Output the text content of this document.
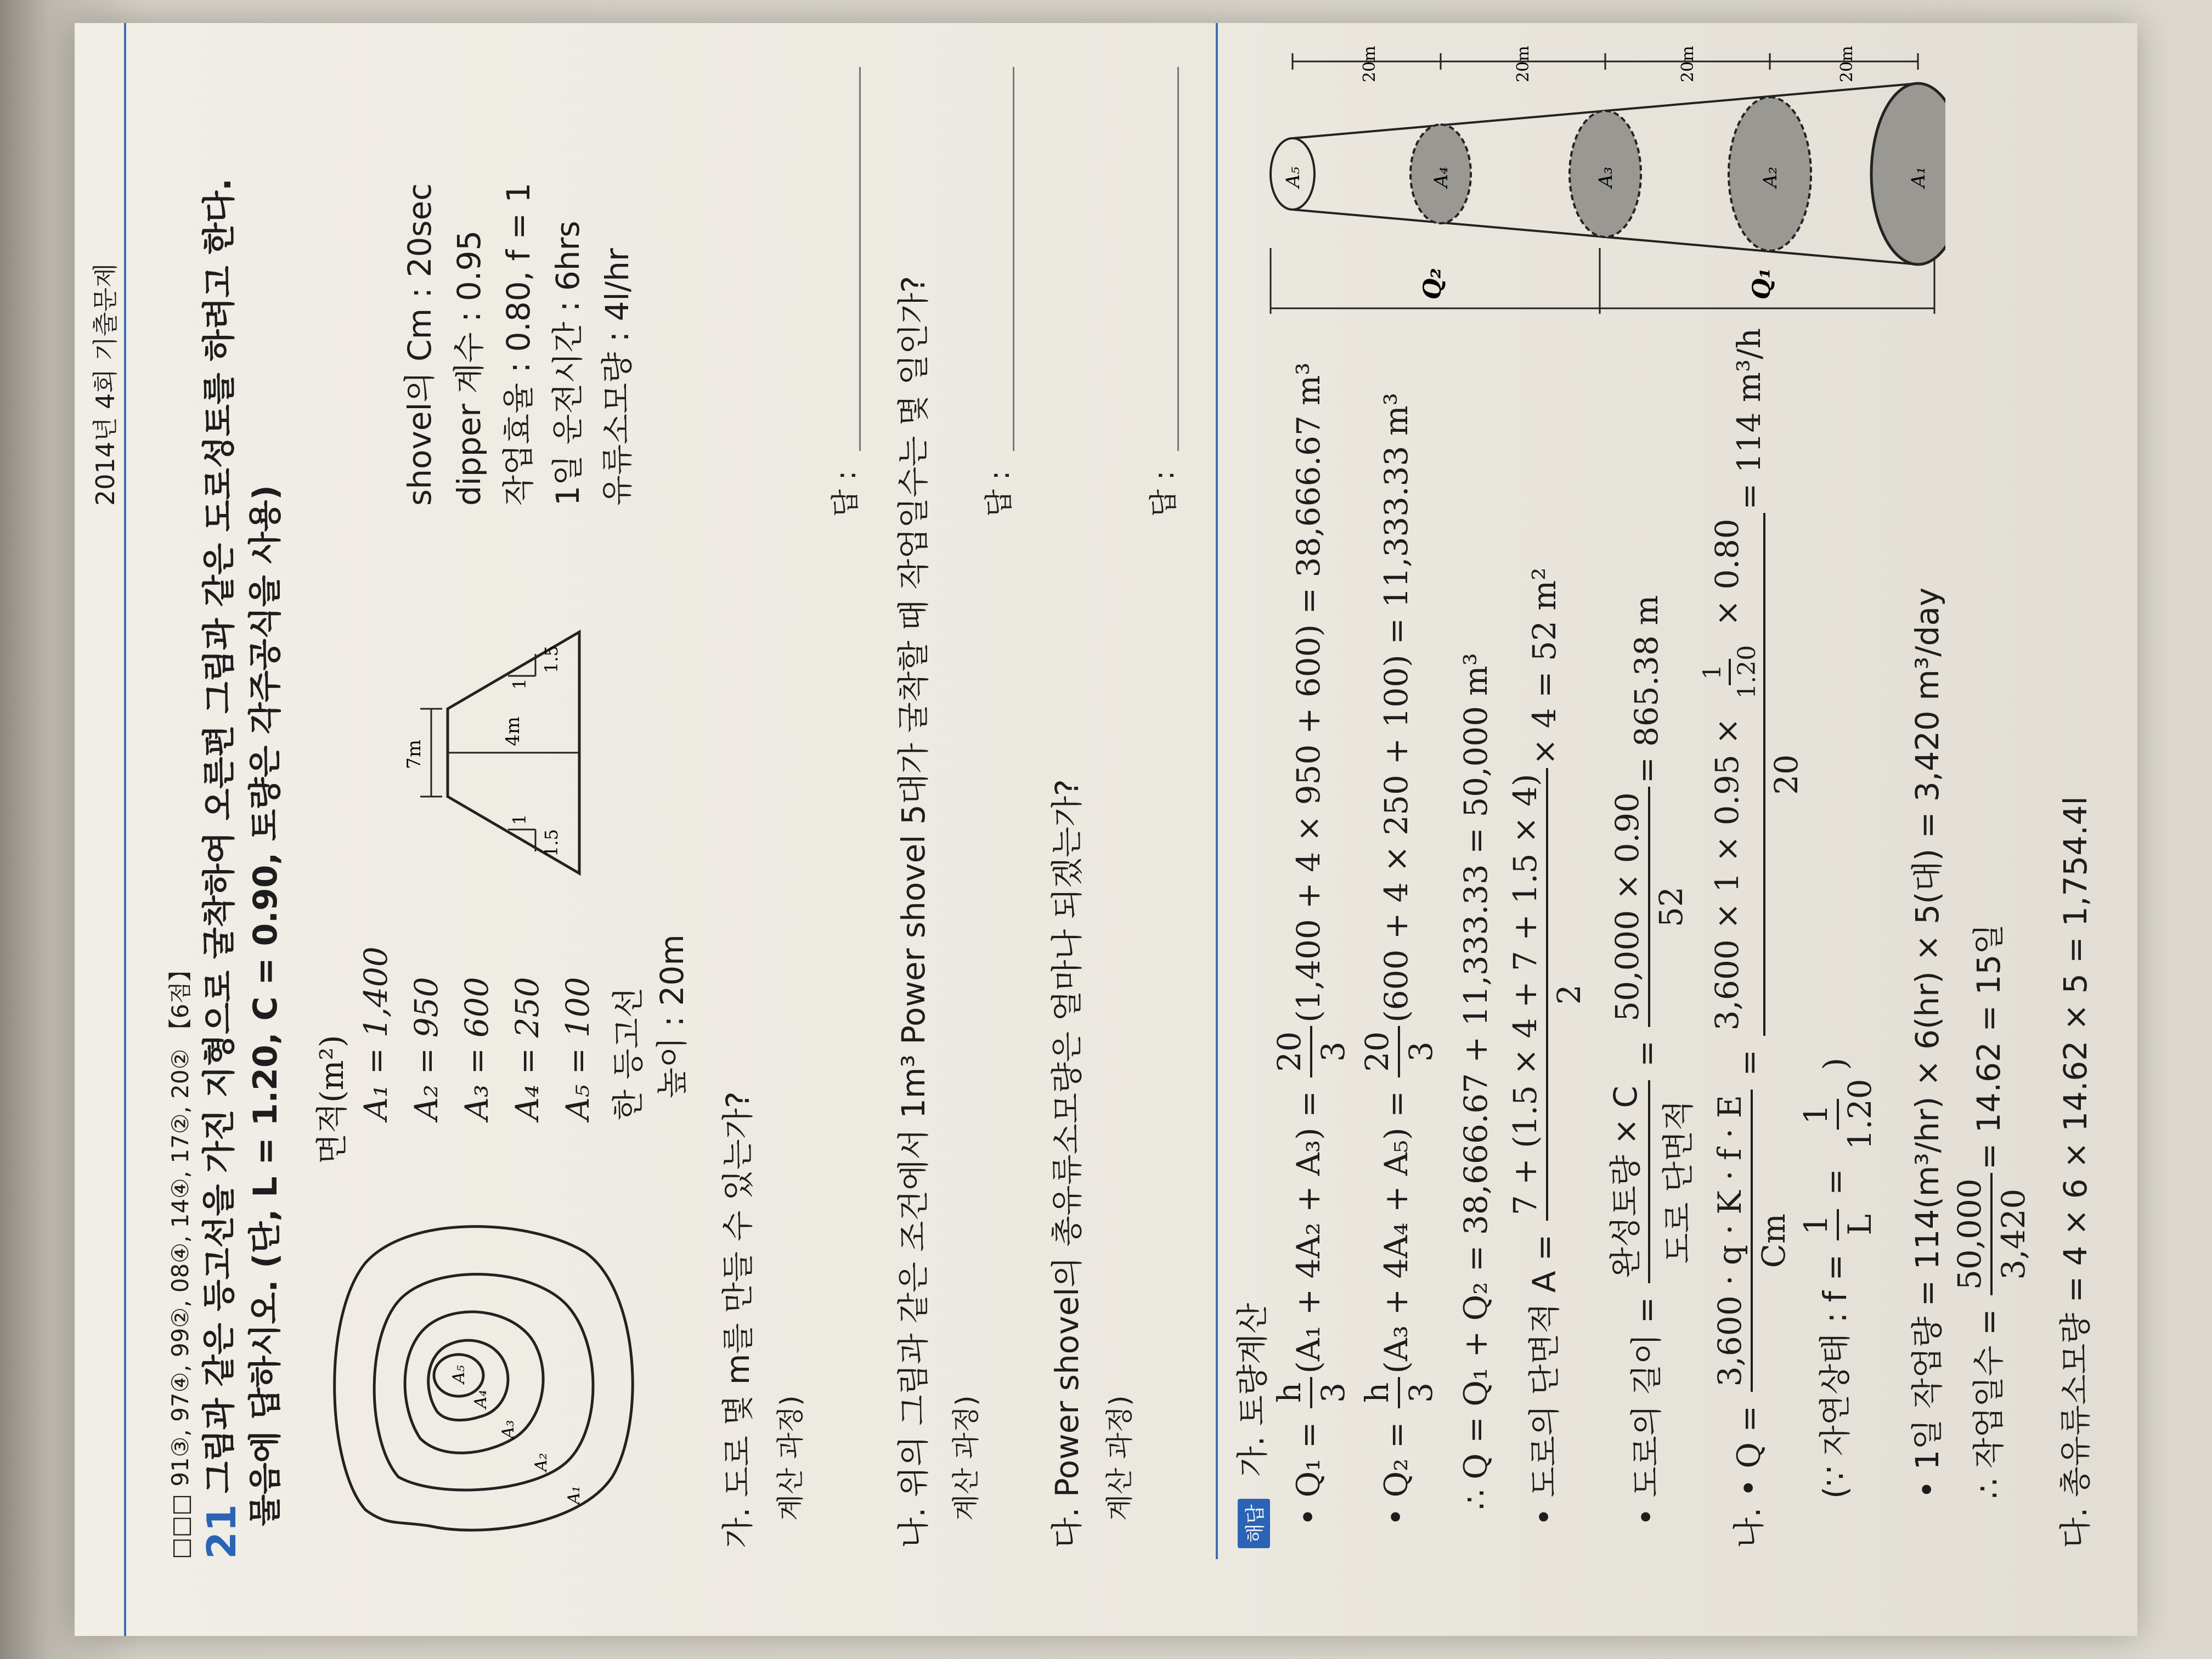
2014년 4회 기출문제
□□□ 91③, 97④, 99②, 08④, 14④, 17②, 20② 【6점】 21
그림과 같은 등고선을 가진 지형으로 굴착하여 오른편 그림과 같은 도로성토를 하려고 한다. 물음에 답하시오. (단, L = 1.20, C = 0.90, 토량은 각주공식을 사용)	A₅
A₄
A₃
A₂
A₁
면적(m²) A₁ = 1,400 A₂ = 950 A₃ = 600 A₄ = 250 A₅ = 100 한 등고선 높이 : 20m
7m
4m
1.5
1
1.5
1
shovel의 Cm : 20sec dipper 계수 : 0.95 작업효율 : 0.80, f = 1 1일 운전시간 : 6hrs 유류소모량 : 4l/hr
가. 도로 몇 m를 만들 수 있는가? 계산 과정)
답 : 나. 위의 그림과 같은 조건에서 1m³ Power shovel 5대가 굴착할 때 작업일수는 몇 일인가? 계산 과정)
답 :
다. Power shovel의 총유류소모량은 얼마나 되겠는가? 계산 과정)
답 :
해답
가. 토량계산 • Q₁ =
h 3
(A₁ + 4A₂ + A₃) =
20 3
(1,400 + 4 × 950 + 600) = 38,666.67 m³
• Q₂ =
h 3
(A₃ + 4A₄ + A₅) =
20 3
(600 + 4 × 250 + 100) = 11,333.33 m³	∴ Q = Q₁ + Q₂ = 38,666.67 + 11,333.33 = 50,000 m³ • 도로의 단면적 A =
7 + (1.5 × 4 + 7 + 1.5 × 4) 2
× 4 = 52 m²
• 도로의 길이 =
완성토량 × C 도로 단면적
=
50,000 × 0.90 52
= 865.38 m
나. • Q =
3,600 · q · K · f · E Cm
=
3,600 × 1 × 0.95 ×
1 1.20
× 0.80
20
= 114 m³/h
(∵ 자연상태 : f =
1 L
=
1 1.20
)	• 1일 작업량 = 114(m³/hr) × 6(hr) × 5(대) = 3,420 m³/day ∴ 작업일수 =
50,000 3,420
= 14.62 = 15일	다. 총유류소모량 = 4 × 6 × 14.62 × 5 = 1,754.4l
Q₂	Q₁
A₅	A₄	A₃	A₂	A₁
20m	20m	20m	20m
